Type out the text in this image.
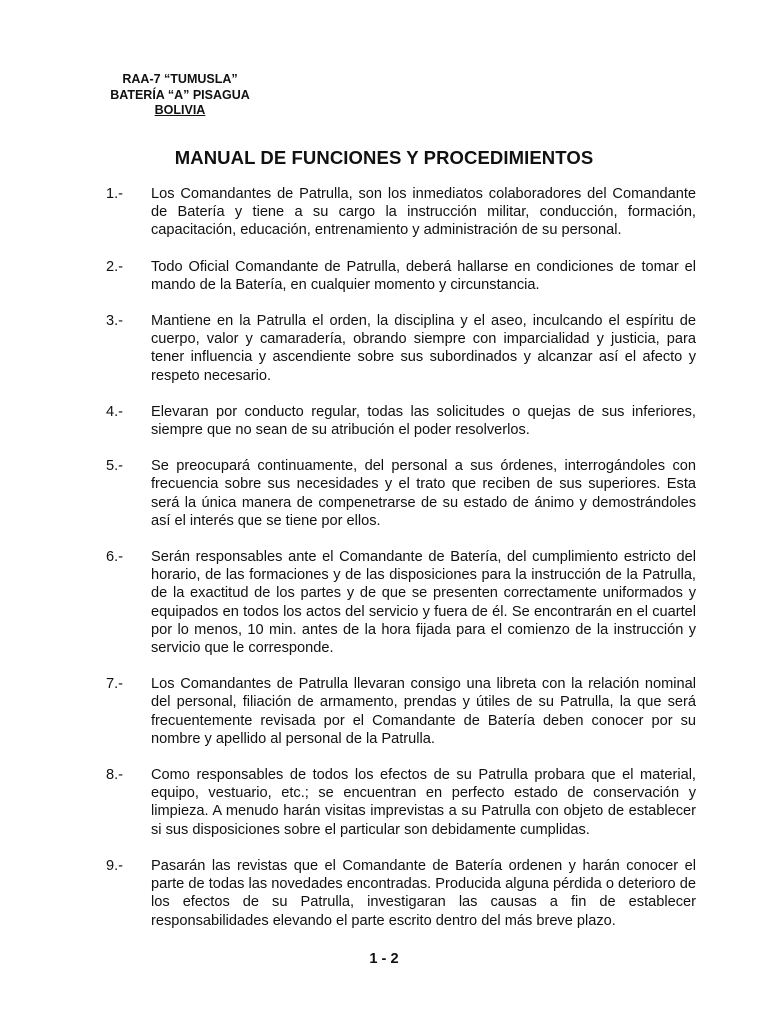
RAA-7 “TUMUSLA”
BATERÍA “A” PISAGUA
BOLIVIA
MANUAL DE FUNCIONES Y PROCEDIMIENTOS
1.-	Los Comandantes de Patrulla, son los inmediatos colaboradores del Comandante de Batería y tiene a su cargo la instrucción militar, conducción, formación, capacitación, educación, entrenamiento y administración de su personal.
2.-	Todo Oficial Comandante de Patrulla, deberá hallarse en condiciones de tomar el mando de la Batería, en cualquier momento y circunstancia.
3.-	Mantiene en la Patrulla el orden, la disciplina y el aseo, inculcando el espíritu de cuerpo, valor y camaradería, obrando siempre con imparcialidad y justicia, para tener influencia y ascendiente sobre sus subordinados y alcanzar así el afecto y respeto necesario.
4.-	Elevaran por conducto regular, todas las solicitudes o quejas de sus inferiores, siempre que no sean de su atribución el poder resolverlos.
5.-	Se preocupará continuamente, del personal a sus órdenes, interrogándoles con frecuencia sobre sus necesidades y el trato que reciben de sus superiores. Esta será la única manera de compenetrarse de su estado de ánimo y demostrándoles así el interés que se tiene por ellos.
6.-	Serán responsables ante el Comandante de Batería, del cumplimiento estricto del horario, de las formaciones y de las disposiciones para la instrucción de la Patrulla, de la exactitud de los partes y de que se presenten correctamente uniformados y equipados en todos los actos del servicio y fuera de él. Se encontrarán en el cuartel por lo menos, 10 min. antes de la hora fijada para el comienzo de la instrucción y servicio que le corresponde.
7.-	Los Comandantes de Patrulla llevaran consigo una libreta con la relación nominal del personal, filiación de armamento, prendas y útiles de su Patrulla, la que será frecuentemente revisada por el Comandante de Batería deben conocer por su nombre y apellido al personal de la Patrulla.
8.-	Como responsables de todos los efectos de su Patrulla probara que el material, equipo, vestuario, etc.; se encuentran en perfecto estado de conservación y limpieza. A menudo harán visitas imprevistas a su Patrulla con objeto de establecer si sus disposiciones sobre el particular son debidamente cumplidas.
9.-	Pasarán las revistas que el Comandante de Batería ordenen y harán conocer el parte de todas las novedades encontradas. Producida alguna pérdida o deterioro de los efectos de su Patrulla, investigaran las causas a fin de establecer responsabilidades elevando el parte escrito dentro del más breve plazo.
1 - 2
